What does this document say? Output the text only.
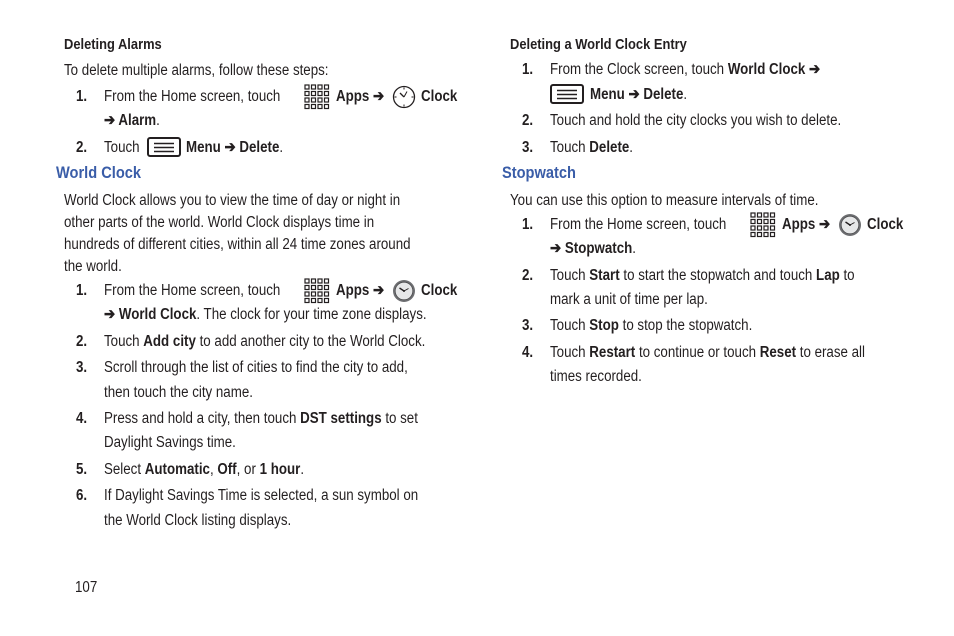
Deleting Alarms
To delete multiple alarms, follow these steps:
1. From the Home screen, touch	Apps ➔ Clock
➔ Alarm.
2. Touch	Menu ➔ Delete.
World Clock
World Clock allows you to view the time of day or night in
other parts of the world. World Clock displays time in
hundreds of different cities, within all 24 time zones around
the world.
1. From the Home screen, touch	Apps ➔ Clock
➔ World Clock. The clock for your time zone displays.
2. Touch Add city to add another city to the World Clock.
3. Scroll through the list of cities to find the city to add,
then touch the city name.
4. Press and hold a city, then touch DST settings to set
Daylight Savings time.
5. Select Automatic, Off, or 1 hour.
6. If Daylight Savings Time is selected, a sun symbol on
the World Clock listing displays.
Deleting a World Clock Entry
1. From the Clock screen, touch World Clock ➔
Menu ➔ Delete.
2. Touch and hold the city clocks you wish to delete.
3. Touch Delete.
Stopwatch
You can use this option to measure intervals of time.
1. From the Home screen, touch	Apps ➔ Clock
➔ Stopwatch.
2. Touch Start to start the stopwatch and touch Lap to
mark a unit of time per lap.
3. Touch Stop to stop the stopwatch.
4. Touch Restart to continue or touch Reset to erase all
times recorded.
107
